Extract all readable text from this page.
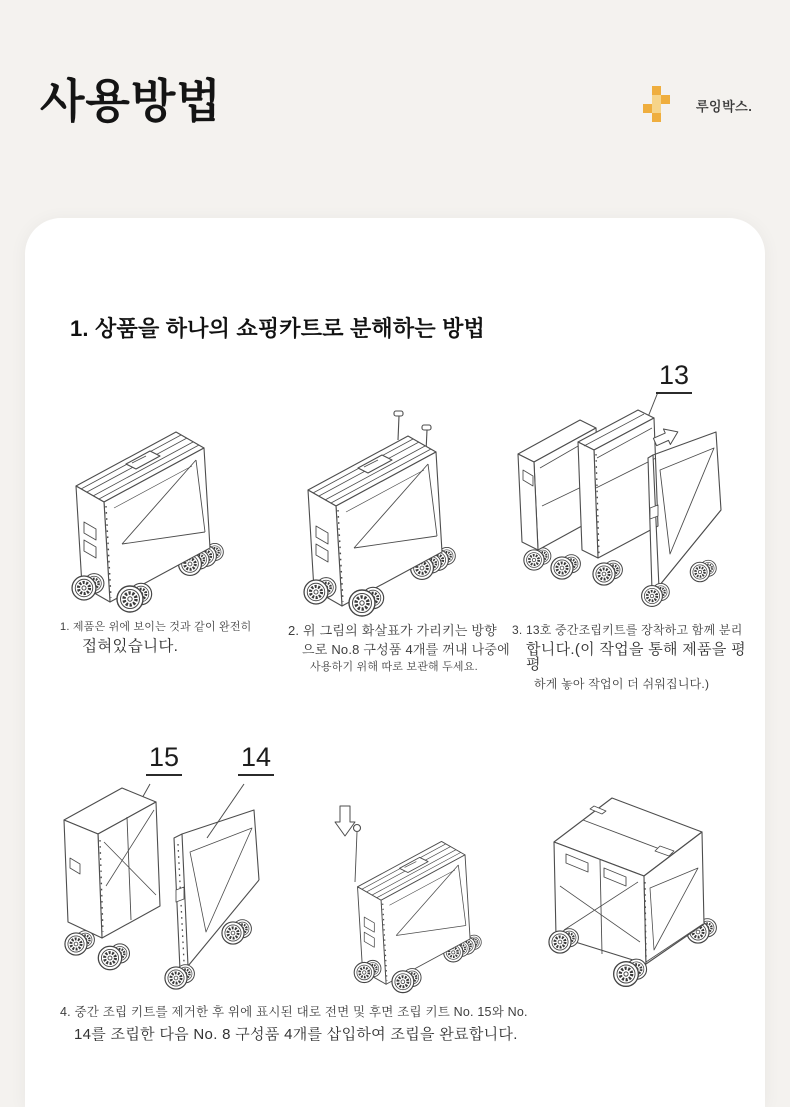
사용방법	루잉박스.
1. 상품을 하나의 쇼핑카트로 분해하는 방법
13
1. 제품은 위에 보이는 것과 같이 완전히
접혀있습니다.
2. 위 그림의 화살표가 가리키는 방향
으로 No.8 구성품 4개를 꺼내 나중에
사용하기 위해 따로 보관해 두세요.
3. 13호 중간조립키트를 장착하고 함께 분리
합니다.(이 작업을 통해 제품을 평평
하게 놓아 작업이 더 쉬워집니다.)
15 14
4. 중간 조립 키트를 제거한 후 위에 표시된 대로 전면 및 후면 조립 키트 No. 15와 No.
14를 조립한 다음 No. 8 구성품 4개를 삽입하여 조립을 완료합니다.
